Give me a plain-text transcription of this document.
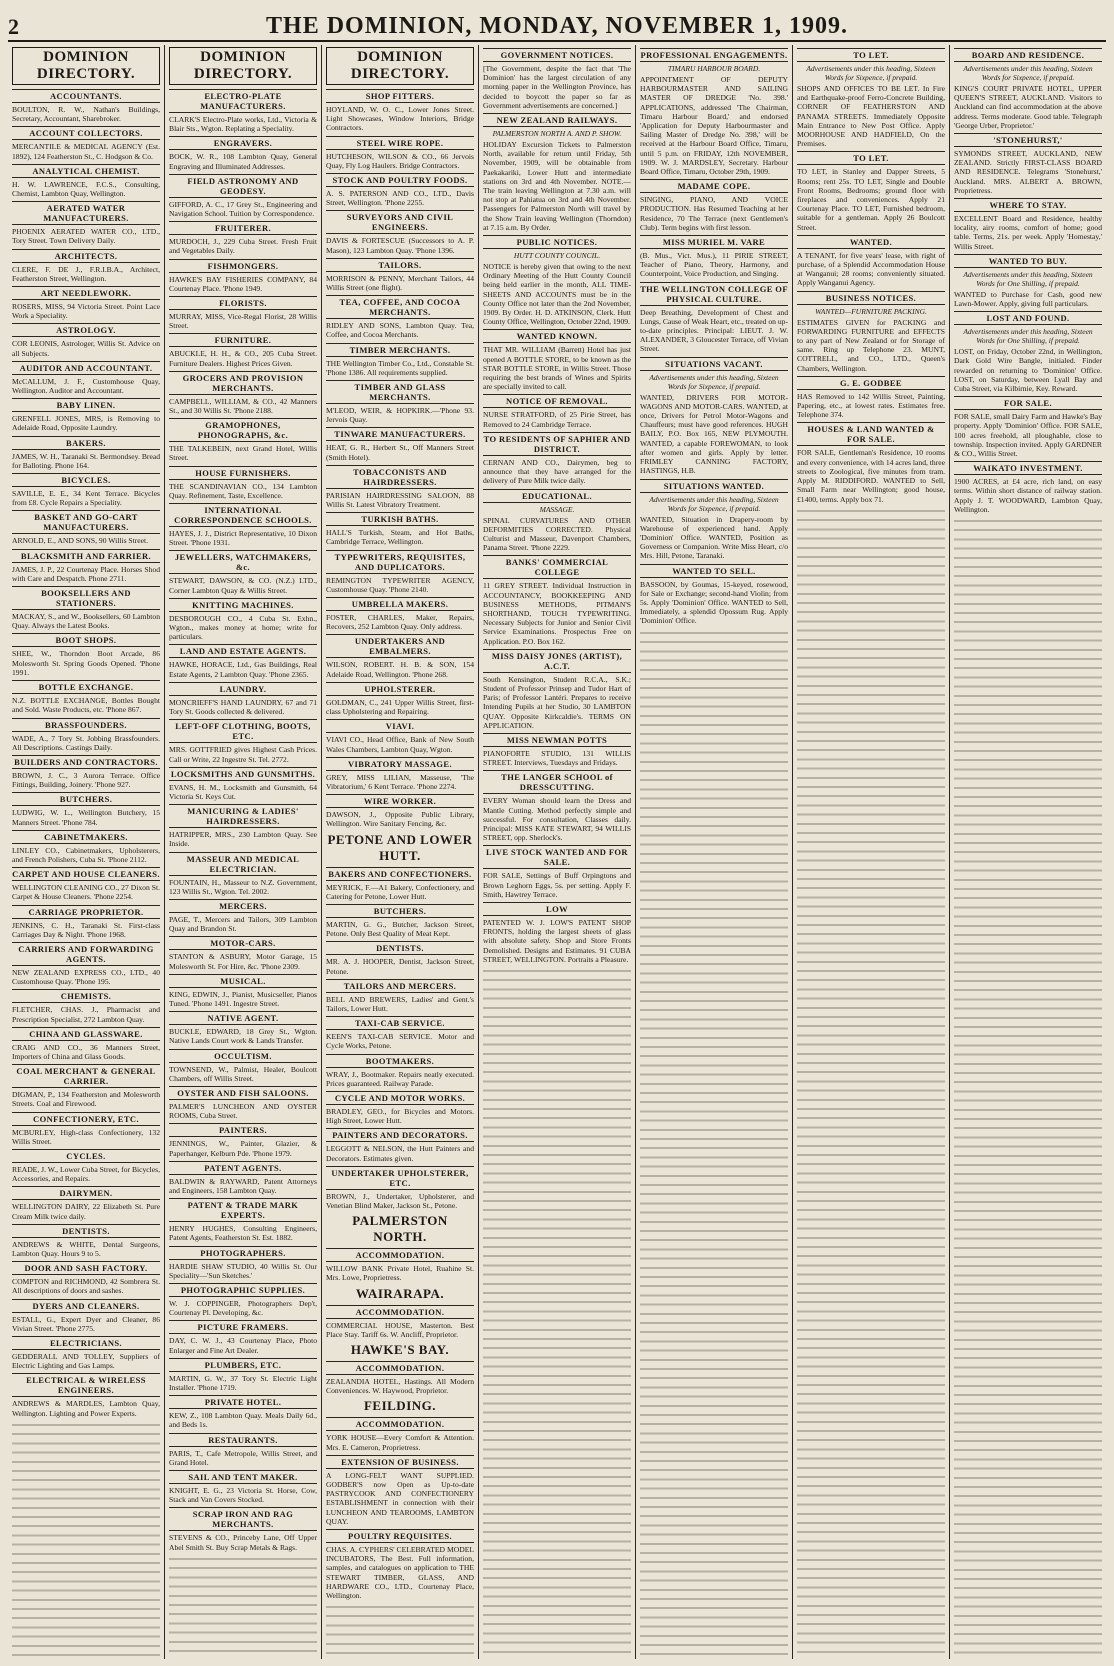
2	THE DOMINION, MONDAY, NOVEMBER 1, 1909.
DOMINION DIRECTORY.
ACCOUNTANTS.
BOULTON, R. W., Nathan's Buildings, Secretary, Accountant, Sharebroker.
ACCOUNT COLLECTORS.
MERCANTILE & MEDICAL AGENCY (Est. 1892), 124 Featherston St., C. Hodgson & Co.
ANALYTICAL CHEMIST.
H. W. LAWRENCE, F.C.S., Consulting, Chemist, Lambton Quay, Wellington.
AERATED WATER MANUFACTURERS.
PHOENIX AERATED WATER CO., LTD., Tory Street. Town Delivery Daily.
ARCHITECTS.
CLERE, F. DE J., F.R.I.B.A., Architect, Featherston Street, Wellington.
ART NEEDLEWORK.
ROSERS, MISS, 94 Victoria Street. Point Lace Work a Speciality.
ASTROLOGY.
COR LEONIS, Astrologer, Willis St. Advice on all Subjects.
AUDITOR AND ACCOUNTANT.
McCALLUM, J. F., Customhouse Quay, Wellington. Auditor and Accountant.
BABY LINEN.
GRENFELL JONES, MRS, is Removing to Adelaide Road, Opposite Laundry.
BAKERS.
JAMES, W. H., Taranaki St. Bermondsey. Bread for Balloting. Phone 164.
BICYCLES.
SAVILLE, E. E., 34 Kent Terrace. Bicycles from £8. Cycle Repairs a Speciality.
BASKET AND GO-CART MANUFACTURERS.
ARNOLD, E., AND SONS, 90 Willis Street.
BLACKSMITH AND FARRIER.
JAMES, J. P., 22 Courtenay Place. Horses Shod with Care and Despatch. Phone 2711.
BOOKSELLERS AND STATIONERS.
MACKAY, S., and W., Booksellers, 60 Lambton Quay. Always the Latest Books.
BOOT SHOPS.
SHEE, W., Thorndon Boot Arcade, 86 Molesworth St. Spring Goods Opened. 'Phone 1991.
BOTTLE EXCHANGE.
N.Z. BOTTLE EXCHANGE, Bottles Bought and Sold. Waste Products, etc. 'Phone 867.
BRASSFOUNDERS.
WADE, A., 7 Tory St. Jobbing Brassfounders. All Descriptions. Castings Daily.
BUILDERS AND CONTRACTORS.
BROWN, J. C., 3 Aurora Terrace. Office Fittings, Building, Joinery. 'Phone 927.
BUTCHERS.
LUDWIG, W. L., Wellington Butchery, 15 Manners Street. 'Phone 784.
CABINETMAKERS.
LINLEY CO., Cabinetmakers, Upholsterers, and French Polishers, Cuba St. 'Phone 2112.
CARPET AND HOUSE CLEANERS.
WELLINGTON CLEANING CO., 27 Dixon St. Carpet & House Cleaners. 'Phone 2254.
CARRIAGE PROPRIETOR.
JENKINS, C. H., Taranaki St. First-class Carriages Day & Night. 'Phone 1968.
CARRIERS AND FORWARDING AGENTS.
NEW ZEALAND EXPRESS CO., LTD., 40 Customhouse Quay. 'Phone 195.
CHEMISTS.
FLETCHER, CHAS. J., Pharmacist and Prescription Specialist, 272 Lambton Quay.
CHINA AND GLASSWARE.
CRAIG AND CO., 36 Manners Street, Importers of China and Glass Goods.
COAL MERCHANT & GENERAL CARRIER.
DIGMAN, P., 134 Featherston and Molesworth Streets. Coal and Firewood.
CONFECTIONERY, ETC.
MCBURLEY, High-class Confectionery, 132 Willis Street.
CYCLES.
READE, J. W., Lower Cuba Street, for Bicycles, Accessories, and Repairs.
DAIRYMEN.
WELLINGTON DAIRY, 22 Elizabeth St. Pure Cream Milk twice daily.
DENTISTS.
ANDREWS & WHITE, Dental Surgeons, Lambton Quay. Hours 9 to 5.
DOOR AND SASH FACTORY.
COMPTON and RICHMOND, 42 Sombrera St. All descriptions of doors and sashes.
DYERS AND CLEANERS.
ESTALL, G., Expert Dyer and Cleaner, 86 Vivian Street. 'Phone 2775.
ELECTRICIANS.
GEDDERALL AND TOLLEY, Suppliers of Electric Lighting and Gas Lamps.
ELECTRICAL & WIRELESS ENGINEERS.
ANDREWS & MARDLES, Lambton Quay, Wellington. Lighting and Power Experts.
DOMINION DIRECTORY.
ELECTRO-PLATE MANUFACTURERS.
CLARK'S Electro-Plate works, Ltd., Victoria & Blair Sts., Wgton. Replating a Speciality.
ENGRAVERS.
BOCK, W. R., 108 Lambton Quay, General Engraving and Illuminated Addresses.
FIELD ASTRONOMY AND GEODESY.
GIFFORD, A. C., 17 Grey St., Engineering and Navigation School. Tuition by Correspondence.
FRUITERER.
MURDOCH, J., 229 Cuba Street. Fresh Fruit and Vegetables Daily.
FISHMONGERS.
HAWKE'S BAY FISHERIES COMPANY, 84 Courtenay Place. 'Phone 1949.
FLORISTS.
MURRAY, MISS, Vice-Regal Florist, 28 Willis Street.
FURNITURE.
ABUCKLE, H. H., & CO., 205 Cuba Street. Furniture Dealers. Highest Prices Given.
GROCERS AND PROVISION MERCHANTS.
CAMPBELL, WILLIAM, & CO., 42 Manners St., and 30 Willis St. 'Phone 2188.
GRAMOPHONES, PHONOGRAPHS, &c.
THE TALKEBEIN, next Grand Hotel, Willis Street.
HOUSE FURNISHERS.
THE SCANDINAVIAN CO., 134 Lambton Quay. Refinement, Taste, Excellence.
INTERNATIONAL CORRESPONDENCE SCHOOLS.
HAYES, J. J., District Representative, 10 Dixon Street. 'Phone 1931.
JEWELLERS, WATCHMAKERS, &c.
STEWART, DAWSON, & CO. (N.Z.) LTD., Corner Lambton Quay & Willis Street.
KNITTING MACHINES.
DESBOROUGH CO., 4 Cuba St. Exhn., Wgton., makes money at home; write for particulars.
LAND AND ESTATE AGENTS.
HAWKE, HORACE, Ltd., Gas Buildings, Real Estate Agents, 2 Lambton Quay. 'Phone 2365.
LAUNDRY.
MONCRIEFF'S HAND LAUNDRY, 67 and 71 Tory St. Goods collected & delivered.
LEFT-OFF CLOTHING, BOOTS, ETC.
MRS. GOTTFRIED gives Highest Cash Prices. Call or Write, 22 Ingestre St. Tel. 2772.
LOCKSMITHS AND GUNSMITHS.
EVANS, H. M., Locksmith and Gunsmith, 64 Victoria St. Keys Cut.
MANICURING & LADIES' HAIRDRESSERS.
HATRIPPER, MRS., 230 Lambton Quay. See Inside.
MASSEUR AND MEDICAL ELECTRICIAN.
FOUNTAIN, H., Masseur to N.Z. Government, 123 Willis St., Wgton. Tel. 2002.
MERCERS.
PAGE, T., Mercers and Tailors, 309 Lambton Quay and Brandon St.
MOTOR-CARS.
STANTON & ASBURY, Motor Garage, 15 Molesworth St. For Hire, &c. 'Phone 2309.
MUSICAL.
KING, EDWIN, J., Pianist, Musicseller, Pianos Tuned. 'Phone 1491. Ingestre Street.
NATIVE AGENT.
BUCKLE, EDWARD, 18 Grey St., Wgton. Native Lands Court work & Lands Transfer.
OCCULTISM.
TOWNSEND, W., Palmist, Healer, Boulcott Chambers, off Willis Street.
OYSTER AND FISH SALOONS.
PALMER'S LUNCHEON AND OYSTER ROOMS, Cuba Street.
PAINTERS.
JENNINGS, W., Painter, Glazier, & Paperhanger, Kelburn Pde. 'Phone 1979.
PATENT AGENTS.
BALDWIN & RAYWARD, Patent Attorneys and Engineers, 158 Lambton Quay.
PATENT & TRADE MARK EXPERTS.
HENRY HUGHES, Consulting Engineers, Patent Agents, Featherston St. Est. 1882.
PHOTOGRAPHERS.
HARDIE SHAW STUDIO, 40 Willis St. Our Speciality—'Sun Sketches.'
PHOTOGRAPHIC SUPPLIES.
W. J. COPPINGER, Photographers Dep't, Courtenay Pl. Developing, &c.
PICTURE FRAMERS.
DAY, C. W. J., 43 Courtenay Place, Photo Enlarger and Fine Art Dealer.
PLUMBERS, ETC.
MARTIN, G. W., 37 Tory St. Electric Light Installer. 'Phone 1719.
PRIVATE HOTEL.
KEW, Z., 108 Lambton Quay. Meals Daily 6d., and Beds 1s.
RESTAURANTS.
PARIS, T., Cafe Metropole, Willis Street, and Grand Hotel.
SAIL AND TENT MAKER.
KNIGHT, E. G., 23 Victoria St. Horse, Cow, Stack and Van Covers Stocked.
SCRAP IRON AND RAG MERCHANTS.
STEVENS & CO., Princeby Lane, Off Upper Abel Smith St. Buy Scrap Metals & Rags.
DOMINION DIRECTORY.
SHOP FITTERS.
HOYLAND, W. O. C., Lower Jones Street. Light Showcases, Window Interiors, Bridge Contractors.
STEEL WIRE ROPE.
HUTCHESON, WILSON & CO., 66 Jervois Quay, Fly Log Haulers. Bridge Contractors.
STOCK AND POULTRY FOODS.
A. S. PATERSON AND CO., LTD., Davis Street, Wellington. 'Phone 2255.
SURVEYORS AND CIVIL ENGINEERS.
DAVIS & FORTESCUE (Successors to A. P. Mason), 123 Lambton Quay. 'Phone 1396.
TAILORS.
MORRISON & PENNY, Merchant Tailors, 44 Willis Street (one flight).
TEA, COFFEE, AND COCOA MERCHANTS.
RIDLEY AND SONS, Lambton Quay. Tea, Coffee, and Cocoa Merchants.
TIMBER MERCHANTS.
THE Wellington Timber Co., Ltd., Constable St. 'Phone 1386. All requirements supplied.
TIMBER AND GLASS MERCHANTS.
M'LEOD, WEIR, & HOPKIRK.—'Phone 93. Jervois Quay.
TINWARE MANUFACTURERS.
HEAT, G. R., Herbert St., Off Manners Street (Smith Hotel).
TOBACCONISTS AND HAIRDRESSERS.
PARISIAN HAIRDRESSING SALOON, 88 Willis St. Latest Vibratory Treatment.
TURKISH BATHS.
HALL'S Turkish, Steam, and Hot Baths, Cambridge Terrace, Wellington.
TYPEWRITERS, REQUISITES, AND DUPLICATORS.
REMINGTON TYPEWRITER AGENCY, Customhouse Quay. 'Phone 2140.
UMBRELLA MAKERS.
FOSTER, CHARLES, Maker, Repairs, Recovers, 252 Lambton Quay. Only address.
UNDERTAKERS AND EMBALMERS.
WILSON, ROBERT. H. B. & SON, 154 Adelaide Road, Wellington. 'Phone 268.
UPHOLSTERER.
GOLDMAN, C., 241 Upper Willis Street, first-class Upholstering and Repairing.
VIAVI.
VIAVI CO., Head Office, Bank of New South Wales Chambers, Lambton Quay, Wgton.
VIBRATORY MASSAGE.
GREY, MISS LILIAN, Masseuse, 'The Vibratorium,' 6 Kent Terrace. 'Phone 2274.
WIRE WORKER.
DAWSON, J., Opposite Public Library, Wellington. Wire Sanitary Fencing, &c.
PETONE AND LOWER HUTT.
BAKERS AND CONFECTIONERS.
MEYRICK, F.—A1 Bakery, Confectionery, and Catering for Petone, Lower Hutt.
BUTCHERS.
MARTIN, G. G., Butcher, Jackson Street, Petone. Only Best Quality of Meat Kept.
DENTISTS.
MR. A. J. HOOPER, Dentist, Jackson Street, Petone.
TAILORS AND MERCERS.
BELL AND BREWERS, Ladies' and Gent.'s Tailors, Lower Hutt.
TAXI-CAB SERVICE.
KEEN'S TAXI-CAB SERVICE. Motor and Cycle Works, Petone.
BOOTMAKERS.
WRAY, J., Bootmaker. Repairs neatly executed. Prices guaranteed. Railway Parade.
CYCLE AND MOTOR WORKS.
BRADLEY, GEO., for Bicycles and Motors. High Street, Lower Hutt.
PAINTERS AND DECORATORS.
LEGGOTT & NELSON, the Hutt Painters and Decorators. Estimates given.
UNDERTAKER UPHOLSTERER, ETC.
BROWN, J., Undertaker, Upholsterer, and Venetian Blind Maker, Jackson St., Petone.
PALMERSTON NORTH.
ACCOMMODATION.
WILLOW BANK Private Hotel, Ruahine St. Mrs. Lowe, Proprietress.
WAIRARAPA.
ACCOMMODATION.
COMMERCIAL HOUSE, Masterton. Best Place Stay. Tariff 6s. W. Ancliff, Proprietor.
HAWKE'S BAY.
ACCOMMODATION.
ZEALANDIA HOTEL, Hastings. All Modern Conveniences. W. Haywood, Proprietor.
FEILDING.
ACCOMMODATION.
YORK HOUSE—Every Comfort & Attention. Mrs. E. Cameron, Proprietress.
EXTENSION OF BUSINESS.
A LONG-FELT WANT SUPPLIED. GODBER'S now Open as Up-to-date PASTRYCOOK AND CONFECTIONERY ESTABLISHMENT in connection with their LUNCHEON AND TEAROOMS, LAMBTON QUAY.
POULTRY REQUISITES.
CHAS. A. CYPHERS' CELEBRATED MODEL INCUBATORS, The Best. Full information, samples, and catalogues on application to THE STEWART TIMBER, GLASS, AND HARDWARE CO., LTD., Courtenay Place, Wellington.
GOVERNMENT NOTICES.
[The Government, despite the fact that 'The Dominion' has the largest circulation of any morning paper in the Wellington Province, has decided to boycott the paper so far as Government advertisements are concerned.]
NEW ZEALAND RAILWAYS.
PALMERSTON NORTH A. AND P. SHOW.
HOLIDAY Excursion Tickets to Palmerston North, available for return until Friday, 5th November, 1909, will be obtainable from Paekakariki, Lower Hutt and intermediate stations on 3rd and 4th November. NOTE.—The train leaving Wellington at 7.30 a.m. will not stop at Pahiatua on 3rd and 4th November. Passengers for Palmerston North will travel by the Show Train leaving Wellington (Thorndon) at 7.15 a.m. By Order.
PUBLIC NOTICES.
HUTT COUNTY COUNCIL.
NOTICE is hereby given that owing to the next Ordinary Meeting of the Hutt County Council being held earlier in the month, ALL TIME-SHEETS AND ACCOUNTS must be in the County Office not later than the 2nd November, 1909. By Order. H. D. ATKINSON, Clerk. Hutt County Office, Wellington, October 22nd, 1909.
WANTED KNOWN.
THAT MR. WILLIAM (Barrett) Hotel has just opened A BOTTLE STORE, to be known as the STAR BOTTLE STORE, in Willis Street. Those requiring the best brands of Wines and Spirits are specially invited to call.
NOTICE OF REMOVAL.
NURSE STRATFORD, of 25 Pirie Street, has Removed to 24 Cambridge Terrace.
TO RESIDENTS OF SAPHIER AND DISTRICT.
CERNAN AND CO., Dairymen, beg to announce that they have arranged for the delivery of Pure Milk twice daily.
EDUCATIONAL.
MASSAGE.
SPINAL CURVATURES AND OTHER DEFORMITIES CORRECTED. Physical Culturist and Masseur, Davenport Chambers, Panama Street. 'Phone 2229.
BANKS' COMMERCIAL COLLEGE
11 GREY STREET. Individual Instruction in ACCOUNTANCY, BOOKKEEPING AND BUSINESS METHODS, PITMAN'S SHORTHAND, TOUCH TYPEWRITING. Necessary Subjects for Junior and Senior Civil Service Examinations. Prospectus Free on Application. P.O. Box 162.
MISS DAISY JONES (ARTIST), A.C.T.
South Kensington, Student R.C.A., S.K.; Student of Professor Prinsep and Tudor Hart of Paris; of Professor Lantéri. Prepares to receive Intending Pupils at her Studio, 30 LAMBTON QUAY. Opposite Kirkcaldie's. TERMS ON APPLICATION.
MISS NEWMAN POTTS
PIANOFORTE STUDIO, 131 WILLIS STREET. Interviews, Tuesdays and Fridays.
THE LANGER SCHOOL of DRESSCUTTING.
EVERY Woman should learn the Dress and Mantle Cutting. Method perfectly simple and successful. For consultation, Classes daily. Principal: MISS KATE STEWART, 94 WILLIS STREET, opp. Sherlock's.
LIVE STOCK WANTED AND FOR SALE.
FOR SALE, Settings of Buff Orpingtons and Brown Leghorn Eggs, 5s. per setting. Apply F. Smith, Hawtrey Terrace.
LOW
PATENTED W. J. LOW'S PATENT SHOP FRONTS, holding the largest sheets of glass with absolute safety. Shop and Store Fronts Demolished. Designs and Estimates. 91 CUBA STREET, WELLINGTON. Portraits a Pleasure.
PROFESSIONAL ENGAGEMENTS.
TIMARU HARBOUR BOARD.
APPOINTMENT OF DEPUTY HARBOURMASTER AND SAILING MASTER OF DREDGE 'No. 398.' APPLICATIONS, addressed 'The Chairman, Timaru Harbour Board,' and endorsed 'Application for Deputy Harbourmaster and Sailing Master of Dredge No. 398,' will be received at the Harbour Board Office, Timaru, until 5 p.m. on FRIDAY, 12th NOVEMBER, 1909. W. J. MARDSLEY, Secretary. Harbour Board Office, Timaru, October 29th, 1909.
MADAME COPE.
SINGING, PIANO, AND VOICE PRODUCTION. Has Resumed Teaching at her Residence, 70 The Terrace (next Gentlemen's Club). Term begins with first lesson.
MISS MURIEL M. VARE
(B. Mus., Vict. Mus.), 11 PIRIE STREET, Teacher of Piano, Theory, Harmony, and Counterpoint, Voice Production, and Singing.
THE WELLINGTON COLLEGE OF PHYSICAL CULTURE.
Deep Breathing, Development of Chest and Lungs, Cause of Weak Heart, etc., treated on up-to-date principles. Principal: LIEUT. J. W. ALEXANDER, 3 Gloucester Terrace, off Vivian Street.
SITUATIONS VACANT.
Advertisements under this heading, Sixteen Words for Sixpence, if prepaid.
WANTED, DRIVERS FOR MOTOR-WAGONS AND MOTOR-CARS. WANTED, at once, Drivers for Petrol Motor-Wagons and Chauffeurs; must have good references. HUGH BAILY, P.O. Box 165, NEW PLYMOUTH. WANTED, a capable FOREWOMAN, to look after women and girls. Apply by letter. FRIMLEY CANNING FACTORY, HASTINGS, H.B.
SITUATIONS WANTED.
Advertisements under this heading, Sixteen Words for Sixpence, if prepaid.
WANTED, Situation in Drapery-room by Warehouse of experienced hand. Apply 'Dominion' Office. WANTED, Position as Governess or Companion. Write Miss Heart, c/o Mrs. Hill, Petone, Taranaki.
WANTED TO SELL.
BASSOON, by Goumas, 15-keyed, rosewood, for Sale or Exchange; second-hand Violin; from 5s. Apply 'Dominion' Office. WANTED to Sell, Immediately, a splendid Opossum Rug. Apply 'Dominion' Office.
TO LET.
Advertisements under this heading, Sixteen Words for Sixpence, if prepaid.
SHOPS AND OFFICES TO BE LET. In Fire and Earthquake-proof Ferro-Concrete Building, CORNER OF FEATHERSTON AND PANAMA STREETS. Immediately Opposite Main Entrance to New Post Office. Apply MOORHOUSE AND HADFIELD, On the Premises.
TO LET.
TO LET, in Stanley and Dapper Streets, 5 Rooms; rent 25s. TO LET, Single and Double Front Rooms, Bedrooms; ground floor with fireplaces and conveniences. Apply 21 Courtenay Place. TO LET, Furnished bedroom, suitable for a gentleman. Apply 26 Boulcott Street.
WANTED.
A TENANT, for five years' lease, with right of purchase, of a Splendid Accommodation House at Wanganui; 28 rooms; conveniently situated. Apply Wanganui Agency.
BUSINESS NOTICES.
WANTED—FURNITURE PACKING.
ESTIMATES GIVEN for PACKING and FORWARDING FURNITURE and EFFECTS to any part of New Zealand or for Storage of same. Ring up Telephone 23. MUNT, COTTRELL, and CO., LTD., Queen's Chambers, Wellington.
G. E. GODBEE
HAS Removed to 142 Willis Street, Painting, Papering, etc., at lowest rates. Estimates free. Telephone 374.
HOUSES & LAND WANTED & FOR SALE.
FOR SALE, Gentleman's Residence, 10 rooms and every convenience, with 14 acres land, three streets to Zoological, five minutes from tram. Apply M. RIDDIFORD. WANTED to Sell, Small Farm near Wellington; good house, £1400, terms. Apply box 71.
BOARD AND RESIDENCE.
Advertisements under this heading, Sixteen Words for Sixpence, if prepaid.
KING'S COURT PRIVATE HOTEL, UPPER QUEEN'S STREET, AUCKLAND. Visitors to Auckland can find accommodation at the above address. Terms moderate. Good table. Telegraph 'George Urber, Proprietor.'
'STONEHURST,'
SYMONDS STREET, AUCKLAND, NEW ZEALAND. Strictly FIRST-CLASS BOARD AND RESIDENCE. Telegrams 'Stonehurst,' Auckland. MRS. ALBERT A. BROWN, Proprietress.
WHERE TO STAY.
EXCELLENT Board and Residence, healthy locality, airy rooms, comfort of home; good table. Terms, 21s. per week. Apply 'Homestay,' Willis Street.
WANTED TO BUY.
Advertisements under this heading, Sixteen Words for One Shilling, if prepaid.
WANTED to Purchase for Cash, good new Lawn-Mower. Apply, giving full particulars.
LOST AND FOUND.
Advertisements under this heading, Sixteen Words for One Shilling, if prepaid.
LOST, on Friday, October 22nd, in Wellington, Dark Gold Wire Bangle, initialed. Finder rewarded on returning to 'Dominion' Office. LOST, on Saturday, between Lyall Bay and Cuba Street, via Kilbirnie, Key. Reward.
FOR SALE.
FOR SALE, small Dairy Farm and Hawke's Bay property. Apply 'Dominion' Office. FOR SALE, 100 acres freehold, all ploughable, close to township. Inspection invited. Apply GARDNER & CO., Willis Street.
WAIKATO INVESTMENT.
1900 ACRES, at £4 acre, rich land, on easy terms. Within short distance of railway station. Apply J. T. WOODWARD, Lambton Quay, Wellington.
